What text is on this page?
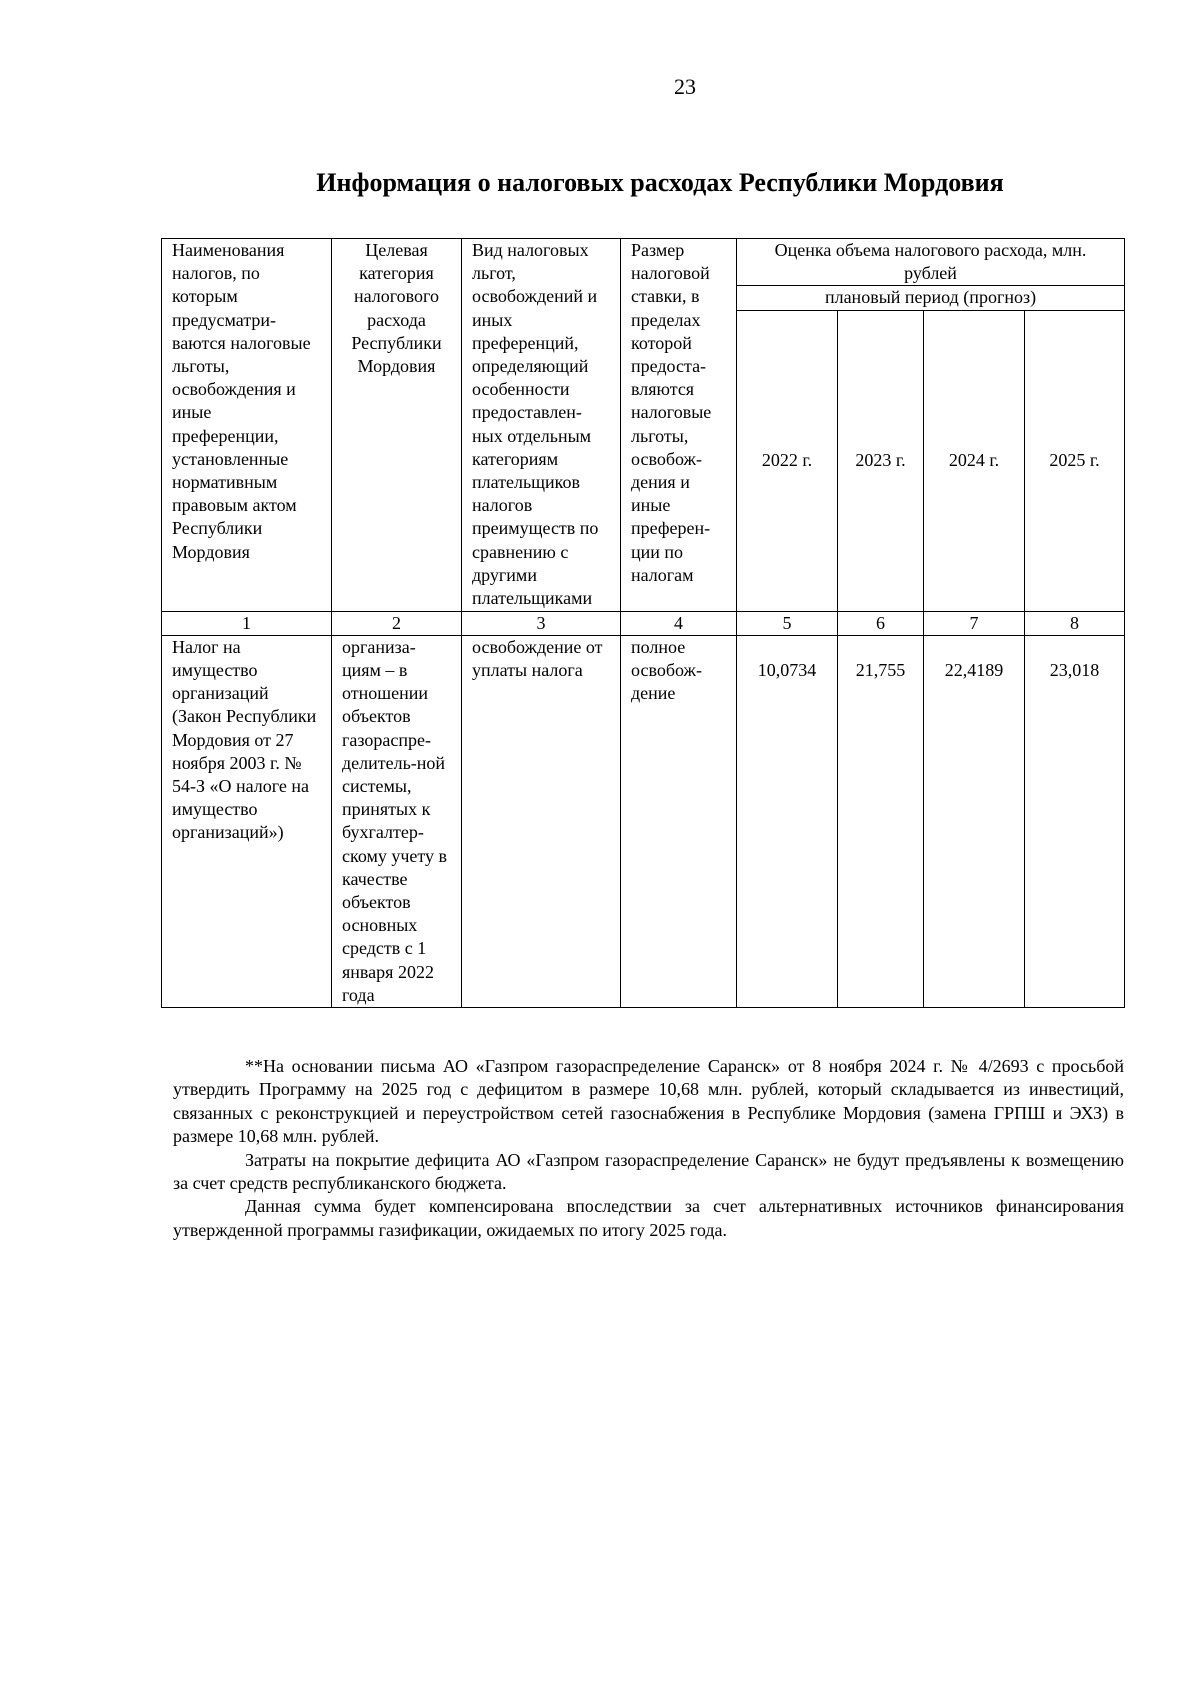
23
Информация о налоговых расходах Республики Мордовия
Наименования налогов, по которым предусматри-ваются налоговые льготы, освобождения и иные преференции, установленные нормативным правовым актом Республики Мордовия	Целевая категория налогового расхода Республики Мордовия	Вид налоговых льгот, освобождений и иных преференций, определяющий особенности предоставлен-ных отдельным категориям плательщиков налогов преимуществ по сравнению с другими плательщиками	Размер налоговой ставки, в пределах которой предоста-вляются налоговые льготы, освобож-дения и иные преферен-ции по налогам	Оценка объема налогового расхода, млн. рублей			
				плановый период (прогноз)			
				2022 г.	2023 г.	2024 г.	2025 г.
1	2	3	4	5	6	7	8
Налог на имущество организаций (Закон Республики Мордовия от 27 ноября 2003 г. № 54-З «О налоге на имущество организаций»)	организа-циям – в отношении объектов газораспре-делитель-ной системы, принятых к бухгалтер-скому учету в качестве объектов основных средств с 1 января 2022 года	освобождение от уплаты налога	полное освобож-дение	10,0734	21,755	22,4189	23,018

**На основании письма АО «Газпром газораспределение Саранск» от 8 ноября 2024 г. № 4/2693 с просьбой утвердить Программу на 2025 год с дефицитом в размере 10,68 млн. рублей, который складывается из инвестиций, связанных с реконструкцией и переустройством сетей газоснабжения в Республике Мордовия (замена ГРПШ и ЭХЗ) в размере 10,68 млн. рублей.

Затраты на покрытие дефицита АО «Газпром газораспределение Саранск» не будут предъявлены к возмещению за счет средств республиканского бюджета.

Данная сумма будет компенсирована впоследствии за счет альтернативных источников финансирования утвержденной программы газификации, ожидаемых по итогу 2025 года.
